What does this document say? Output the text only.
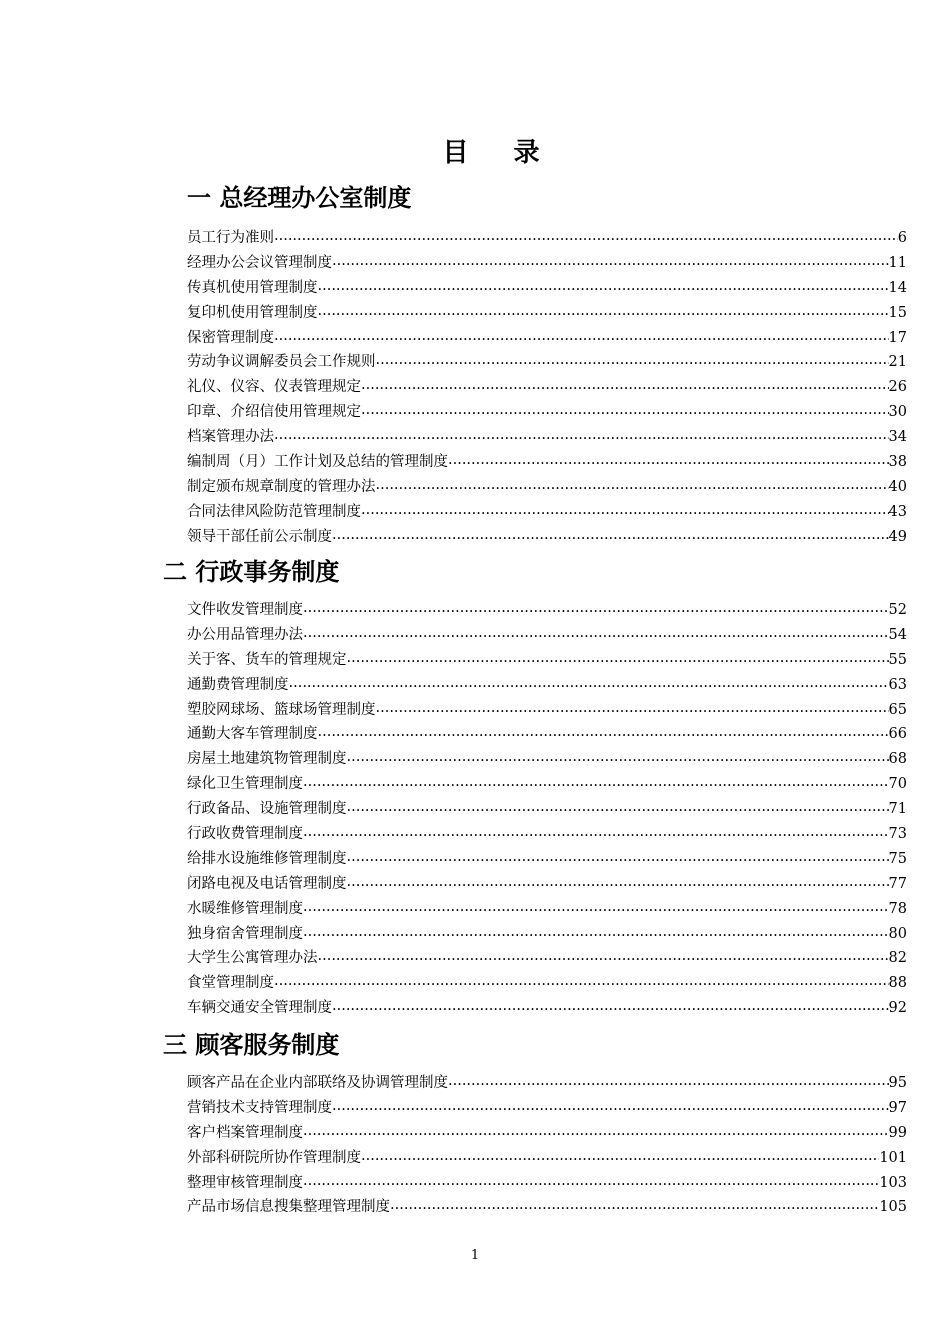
目 录
一 总经理办公室制度
员工行为准则 .....	6
经理办公会议管理制度 .....	11
传真机使用管理制度 .....	14
复印机使用管理制度 .....	15
保密管理制度 .....	17
劳动争议调解委员会工作规则 .....	21
礼仪、仪容、仪表管理规定 .....	26
印章、介绍信使用管理规定 .....	30
档案管理办法 .....	34
编制周（月）工作计划及总结的管理制度 .....	38
制定颁布规章制度的管理办法 .....	40
合同法律风险防范管理制度 .....	43
领导干部任前公示制度 .....	49
二 行政事务制度
文件收发管理制度 .....	52
办公用品管理办法 .....	54
关于客、货车的管理规定 .....	55
通勤费管理制度 .....	63
塑胶网球场、篮球场管理制度 .....	65
通勤大客车管理制度 .....	66
房屋土地建筑物管理制度 .....	68
绿化卫生管理制度 .....	70
行政备品、设施管理制度 .....	71
行政收费管理制度 .....	73
给排水设施维修管理制度 .....	75
闭路电视及电话管理制度 .....	77
水暖维修管理制度 .....	78
独身宿舍管理制度 .....	80
大学生公寓管理办法 .....	82
食堂管理制度 .....	88
车辆交通安全管理制度 .....	92
三 顾客服务制度
顾客产品在企业内部联络及协调管理制度 .....	95
营销技术支持管理制度 .....	97
客户档案管理制度 .....	99
外部科研院所协作管理制度 .....	101
整理审核管理制度 .....	103
产品市场信息搜集整理管理制度 .....	105
1
